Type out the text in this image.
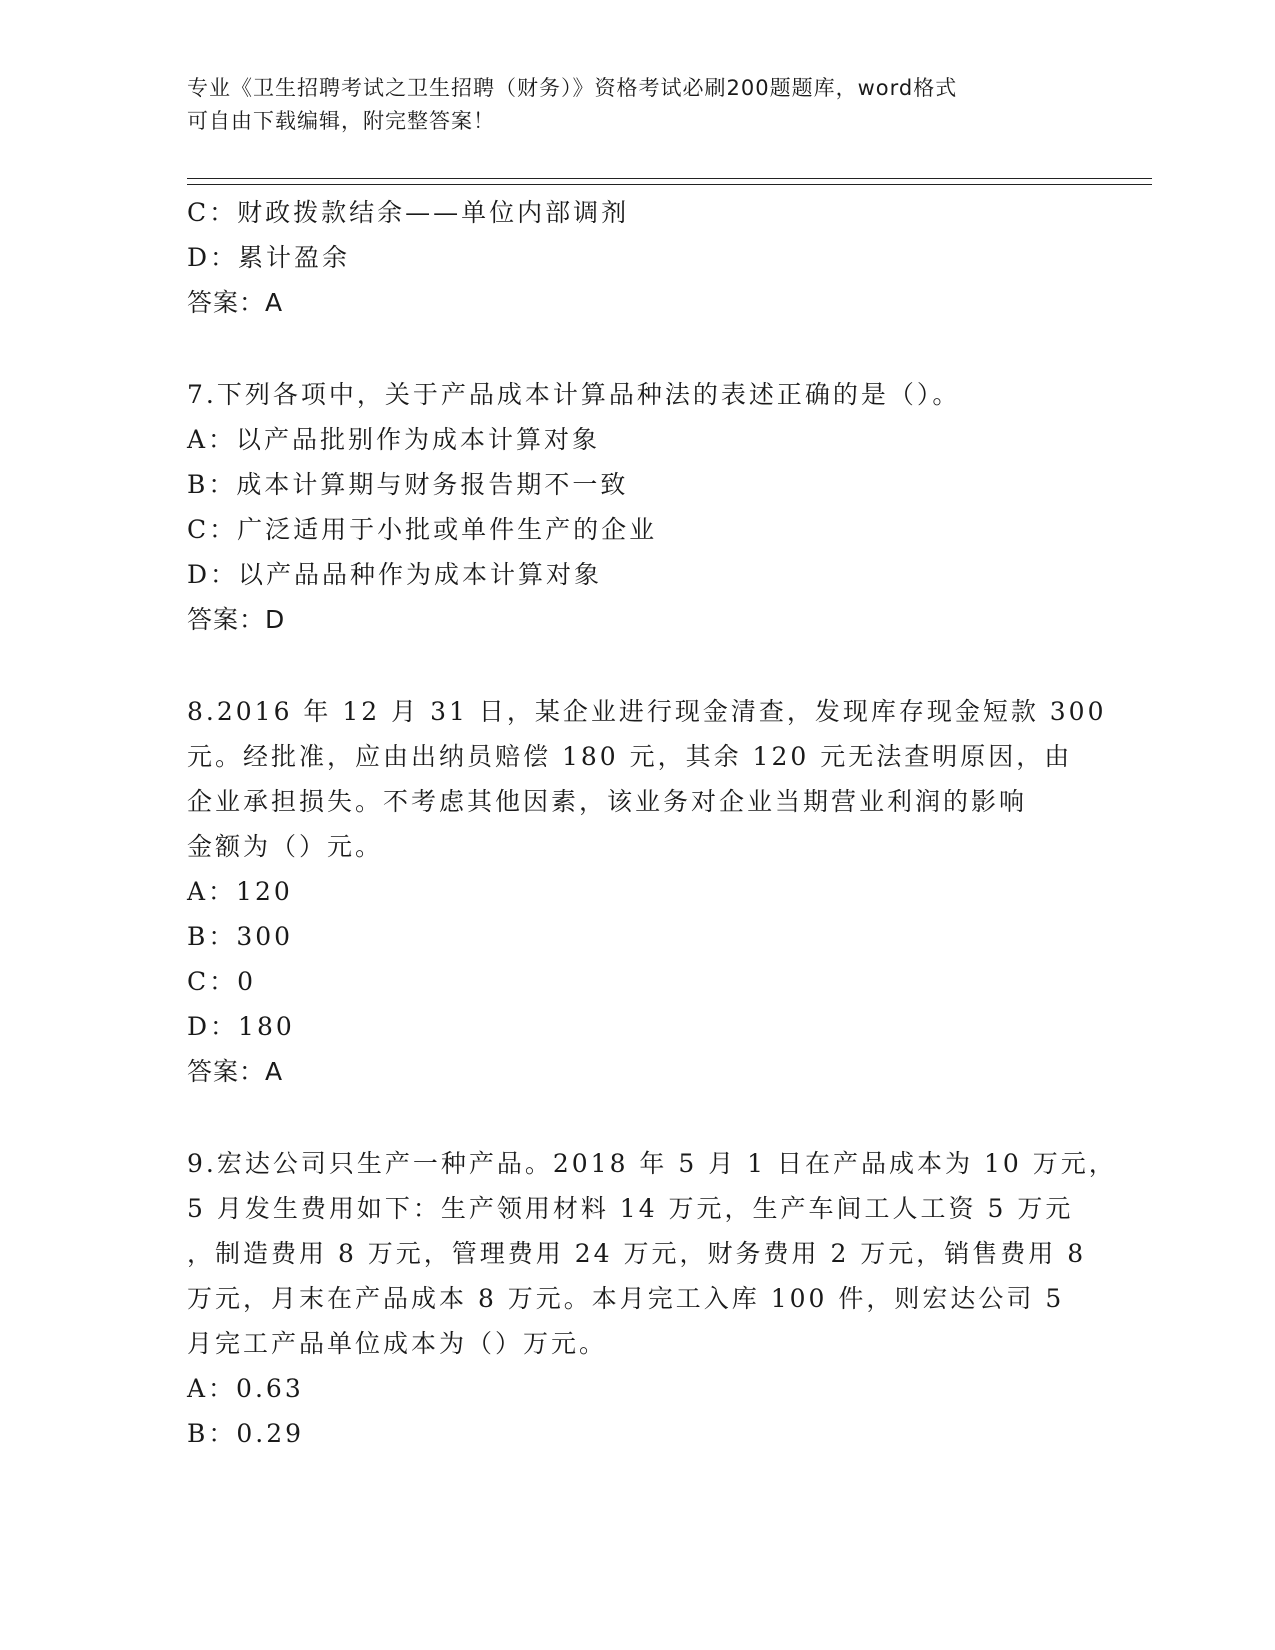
专业《卫生招聘考试之卫生招聘（财务）》资格考试必刷200题题库，word格式
可自由下载编辑，附完整答案！
C：财政拨款结余——单位内部调剂
D：累计盈余
答案：A
7.下列各项中，关于产品成本计算品种法的表述正确的是（）。
A：以产品批别作为成本计算对象
B：成本计算期与财务报告期不一致
C：广泛适用于小批或单件生产的企业
D：以产品品种作为成本计算对象
答案：D
8.2016 年 12 月 31 日，某企业进行现金清查，发现库存现金短款 300
元。经批准，应由出纳员赔偿 180 元，其余 120 元无法查明原因，由
企业承担损失。不考虑其他因素，该业务对企业当期营业利润的影响
金额为（）元。
A：120
B：300
C：0
D：180
答案：A
9.宏达公司只生产一种产品。2018 年 5 月 1 日在产品成本为 10 万元，
5 月发生费用如下：生产领用材料 14 万元，生产车间工人工资 5 万元
，制造费用 8 万元，管理费用 24 万元，财务费用 2 万元，销售费用 8
万元，月末在产品成本 8 万元。本月完工入库 100 件，则宏达公司 5
月完工产品单位成本为（）万元。
A：0.63
B：0.29
